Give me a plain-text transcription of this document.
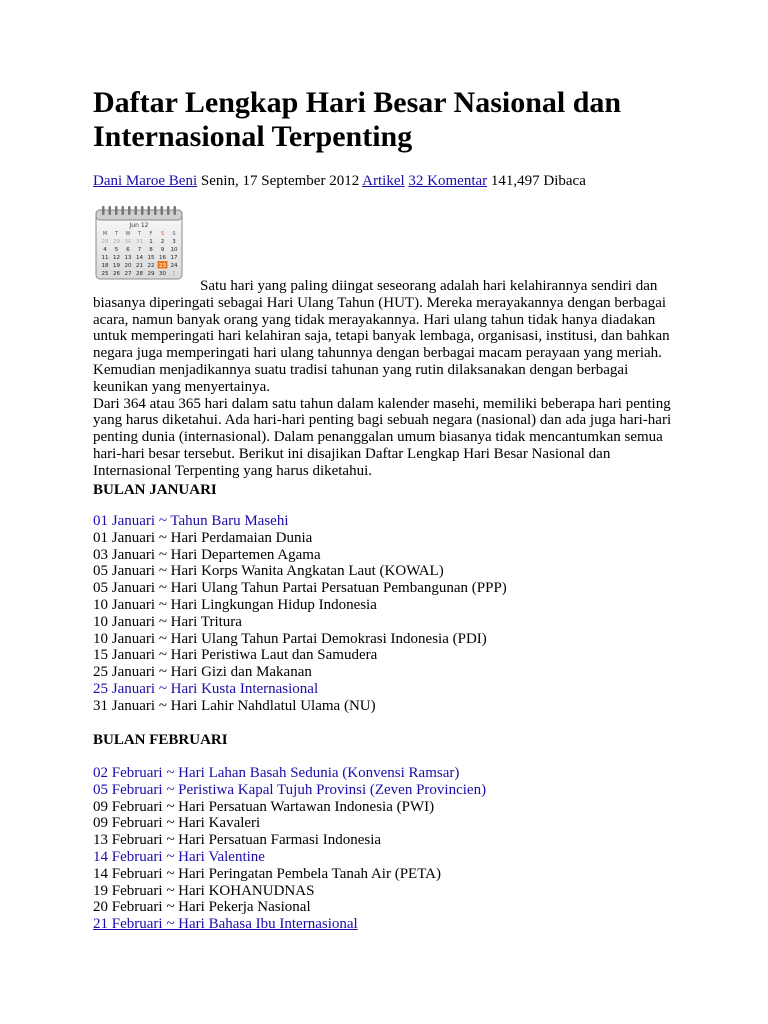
Daftar Lengkap Hari Besar Nasional dan Internasional Terpenting
Dani Maroe Beni Senin, 17 September 2012 Artikel 32 Komentar 141,497 Dibaca
Jun 12
M T W T F S S
28 29 30 31 1 2 3
4 5 6 7 8 9 10
11 12 13 14 15 16 17
18 19 20 21 22 23 24
25 26 27 28 29 30 1

Satu hari yang paling diingat seseorang adalah hari kelahirannya sendiri dan biasanya diperingati sebagai Hari Ulang Tahun (HUT). Mereka merayakannya dengan berbagai acara, namun banyak orang yang tidak merayakannya. Hari ulang tahun tidak hanya diadakan untuk memperingati hari kelahiran saja, tetapi banyak lembaga, organisasi, institusi, dan bahkan negara juga memperingati hari ulang tahunnya dengan berbagai macam perayaan yang meriah. Kemudian menjadikannya suatu tradisi tahunan yang rutin dilaksanakan dengan berbagai keunikan yang menyertainya.
Dari 364 atau 365 hari dalam satu tahun dalam kalender masehi, memiliki beberapa hari penting yang harus diketahui. Ada hari-hari penting bagi sebuah negara (nasional) dan ada juga hari-hari penting dunia (internasional). Dalam penanggalan umum biasanya tidak mencantumkan semua hari-hari besar tersebut. Berikut ini disajikan Daftar Lengkap Hari Besar Nasional dan Internasional Terpenting yang harus diketahui.

BULAN JANUARI

01 Januari ~ Tahun Baru Masehi
01 Januari ~ Hari Perdamaian Dunia
03 Januari ~ Hari Departemen Agama
05 Januari ~ Hari Korps Wanita Angkatan Laut (KOWAL)
05 Januari ~ Hari Ulang Tahun Partai Persatuan Pembangunan (PPP)
10 Januari ~ Hari Lingkungan Hidup Indonesia
10 Januari ~ Hari Tritura
10 Januari ~ Hari Ulang Tahun Partai Demokrasi Indonesia (PDI)
15 Januari ~ Hari Peristiwa Laut dan Samudera
25 Januari ~ Hari Gizi dan Makanan
25 Januari ~ Hari Kusta Internasional
31 Januari ~ Hari Lahir Nahdlatul Ulama (NU)

BULAN FEBRUARI

02 Februari ~ Hari Lahan Basah Sedunia (Konvensi Ramsar)
05 Februari ~ Peristiwa Kapal Tujuh Provinsi (Zeven Provincien)
09 Februari ~ Hari Persatuan Wartawan Indonesia (PWI)
09 Februari ~ Hari Kavaleri
13 Februari ~ Hari Persatuan Farmasi Indonesia
14 Februari ~ Hari Valentine
14 Februari ~ Hari Peringatan Pembela Tanah Air (PETA)
19 Februari ~ Hari KOHANUDNAS
20 Februari ~ Hari Pekerja Nasional
21 Februari ~ Hari Bahasa Ibu Internasional
